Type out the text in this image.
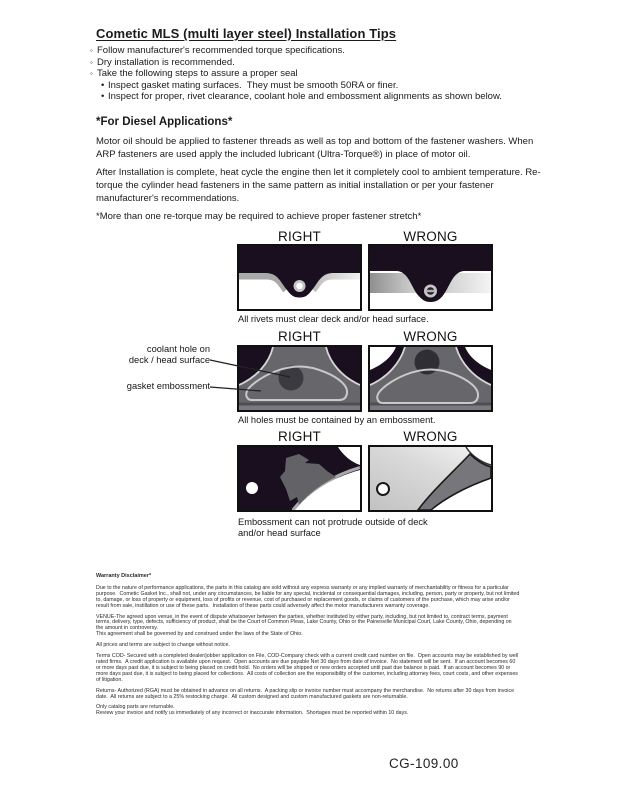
Cometic MLS (multi layer steel) Installation Tips
◦ Follow manufacturer's recommended torque specifications.
◦ Dry installation is recommended.
◦ Take the following steps to assure a proper seal
• Inspect gasket mating surfaces.  They must be smooth 50RA or finer.
• Inspect for proper, rivet clearance, coolant hole and embossment alignments as shown below.
*For Diesel Applications*

Motor oil should be applied to fastener threads as well as top and bottom of the fastener washers. When ARP fasteners are used apply the included lubricant (Ultra-Torque®) in place of motor oil.

After Installation is complete, heat cycle the engine then let it completely cool to ambient temperature. Re-torque the cylinder head fasteners in the same pattern as initial installation or per your fastener manufacturer's recommendations.

*More than one re-torque may be required to achieve proper fastener stretch*

RIGHT	WRONG
All rivets must clear deck and/or head surface.
RIGHT	WRONG
coolant hole on
deck / head surface
gasket embossment
All holes must be contained by an embossment.
RIGHT	WRONG
Embossment can not protrude outside of deck and/or head surface

Warranty Disclaimer*

Due to the nature of performance applications, the parts in this catalog are sold without any express warranty or any implied warranty of merchantability or fitness for a particular purpose.  Cometic Gasket Inc., shall not, under any circumstances, be liable for any special, incidental or consequential damages, including, person, party or property, but not limited to, damage, or loss of property or equipment, loss of profits or revenue, cost of purchased or replacement goods, or claims of customers of the purchase, which may arise and/or result from sale, instillation or use of these parts.  Installation of these parts could adversely affect the motor manufacturers warranty coverage.

VENUE-The agreed upon venue, in the event of dispute whatsoever between the parties, whether instituted by either party, including, but not limited to, contract terms, payment terms, delivery, type, defects, sufficiency of product, shall be the Court of Common Pleas, Lake County, Ohio or the Painesville Municipal Court, Lake County, Ohio, depending on the amount in controversy.

This agreement shall be governed by and construed under the laws of the State of Ohio.

All prices and terms are subject to change without notice.

Terms COD- Secured with a completed dealer/jobber application on File, COD-Company check with a current credit card number on file.  Open accounts may be established by well rated firms.  A credit application is available upon request.  Open accounts are due payable Net 30 days from date of invoice.  No statement will be sent.  If an account becomes 60 or more days past due, it is subject to being placed on credit hold.  No orders will be shipped or new orders accepted until past due balance is paid.  If an account becomes 90 or more days past due, it is subject to being placed for collections.  All costs of collection are the responsibility of the customer, including attorney fees, court costs, and other expenses of litigation.

Returns- Authorized (RGA) must be obtained in advance on all returns.  A packing slip or invoice number must accompany the merchandise.  No returns after 30 days from invoice date.  All returns are subject to a 25% restocking charge.  All custom designed and custom manufactured gaskets are non-returnable.

Only catalog parts are returnable.

Review your invoice and notify us immediately of any incorrect or inaccurate information.  Shortages must be reported within 10 days.

CG-109.00
